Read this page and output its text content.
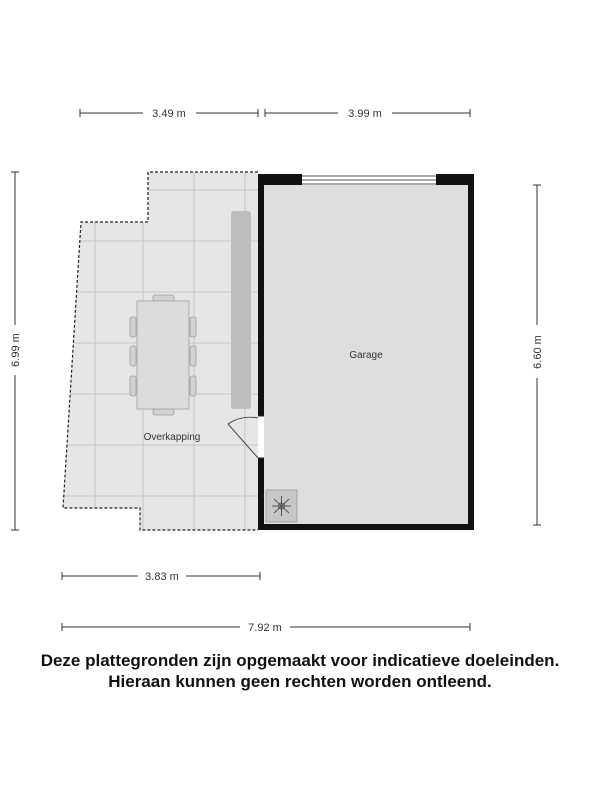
3.49 m	3.99 m
6.99 m	6.60 m
3.83 m
7.92 m
Overkapping
Garage
Deze plattegronden zijn opgemaakt voor indicatieve doeleinden.
Hieraan kunnen geen rechten worden ontleend.
